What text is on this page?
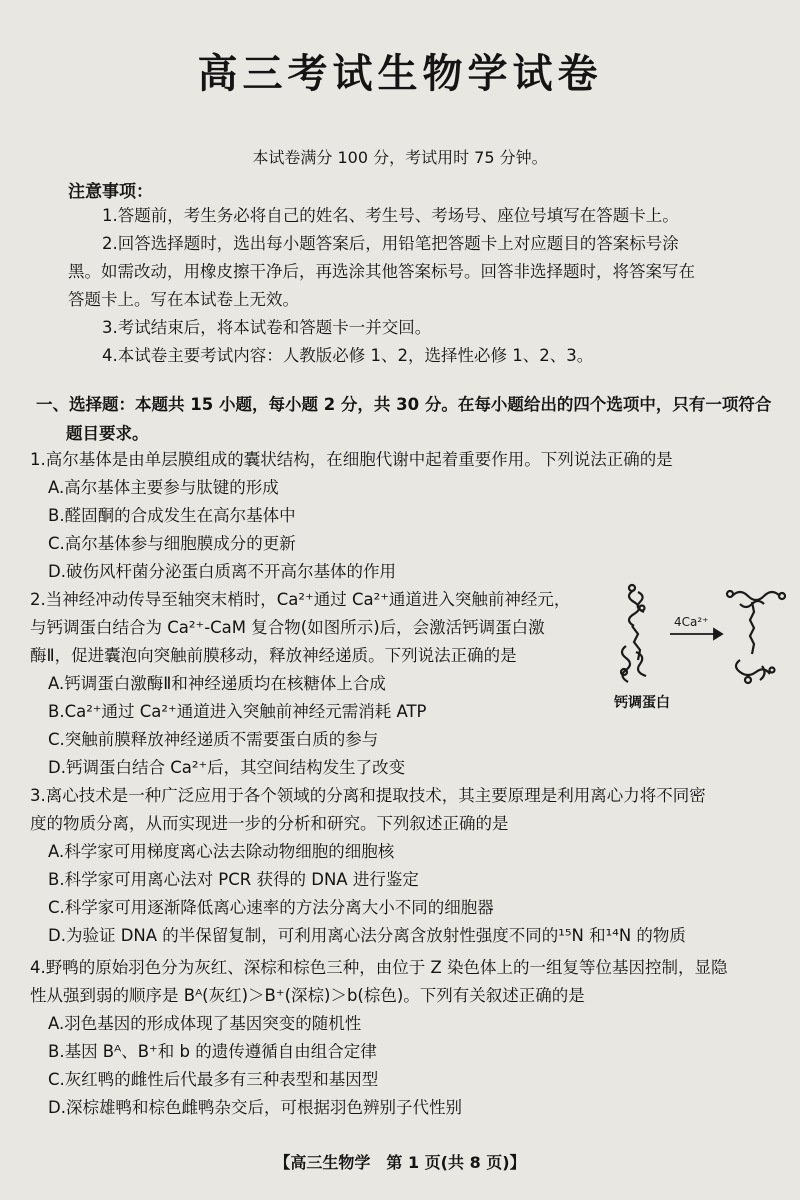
高三考试生物学试卷
本试卷满分 100 分，考试用时 75 分钟。
注意事项：
1.答题前，考生务必将自己的姓名、考生号、考场号、座位号填写在答题卡上。
2.回答选择题时，选出每小题答案后，用铅笔把答题卡上对应题目的答案标号涂
黑。如需改动，用橡皮擦干净后，再选涂其他答案标号。回答非选择题时，将答案写在
答题卡上。写在本试卷上无效。
3.考试结束后，将本试卷和答题卡一并交回。
4.本试卷主要考试内容：人教版必修 1、2，选择性必修 1、2、3。
一、选择题：本题共 15 小题，每小题 2 分，共 30 分。在每小题给出的四个选项中，只有一项符合
题目要求。
1.高尔基体是由单层膜组成的囊状结构，在细胞代谢中起着重要作用。下列说法正确的是
A.高尔基体主要参与肽键的形成
B.醛固酮的合成发生在高尔基体中
C.高尔基体参与细胞膜成分的更新
D.破伤风杆菌分泌蛋白质离不开高尔基体的作用
2.当神经冲动传导至轴突末梢时，Ca²⁺通过 Ca²⁺通道进入突触前神经元，
与钙调蛋白结合为 Ca²⁺-CaM 复合物(如图所示)后，会激活钙调蛋白激
酶Ⅱ，促进囊泡向突触前膜移动，释放神经递质。下列说法正确的是
A.钙调蛋白激酶Ⅱ和神经递质均在核糖体上合成
B.Ca²⁺通过 Ca²⁺通道进入突触前神经元需消耗 ATP
C.突触前膜释放神经递质不需要蛋白质的参与
D.钙调蛋白结合 Ca²⁺后，其空间结构发生了改变
4Ca²⁺
钙调蛋白
3.离心技术是一种广泛应用于各个领域的分离和提取技术，其主要原理是利用离心力将不同密
度的物质分离，从而实现进一步的分析和研究。下列叙述正确的是
A.科学家可用梯度离心法去除动物细胞的细胞核
B.科学家可用离心法对 PCR 获得的 DNA 进行鉴定
C.科学家可用逐渐降低离心速率的方法分离大小不同的细胞器
D.为验证 DNA 的半保留复制，可利用离心法分离含放射性强度不同的¹⁵N 和¹⁴N 的物质
4.野鸭的原始羽色分为灰红、深棕和棕色三种，由位于 Z 染色体上的一组复等位基因控制，显隐
性从强到弱的顺序是 Bᴬ(灰红)＞B⁺(深棕)＞b(棕色)。下列有关叙述正确的是
A.羽色基因的形成体现了基因突变的随机性
B.基因 Bᴬ、B⁺和 b 的遗传遵循自由组合定律
C.灰红鸭的雌性后代最多有三种表型和基因型
D.深棕雄鸭和棕色雌鸭杂交后，可根据羽色辨别子代性别
【高三生物学　第 1 页(共 8 页)】
